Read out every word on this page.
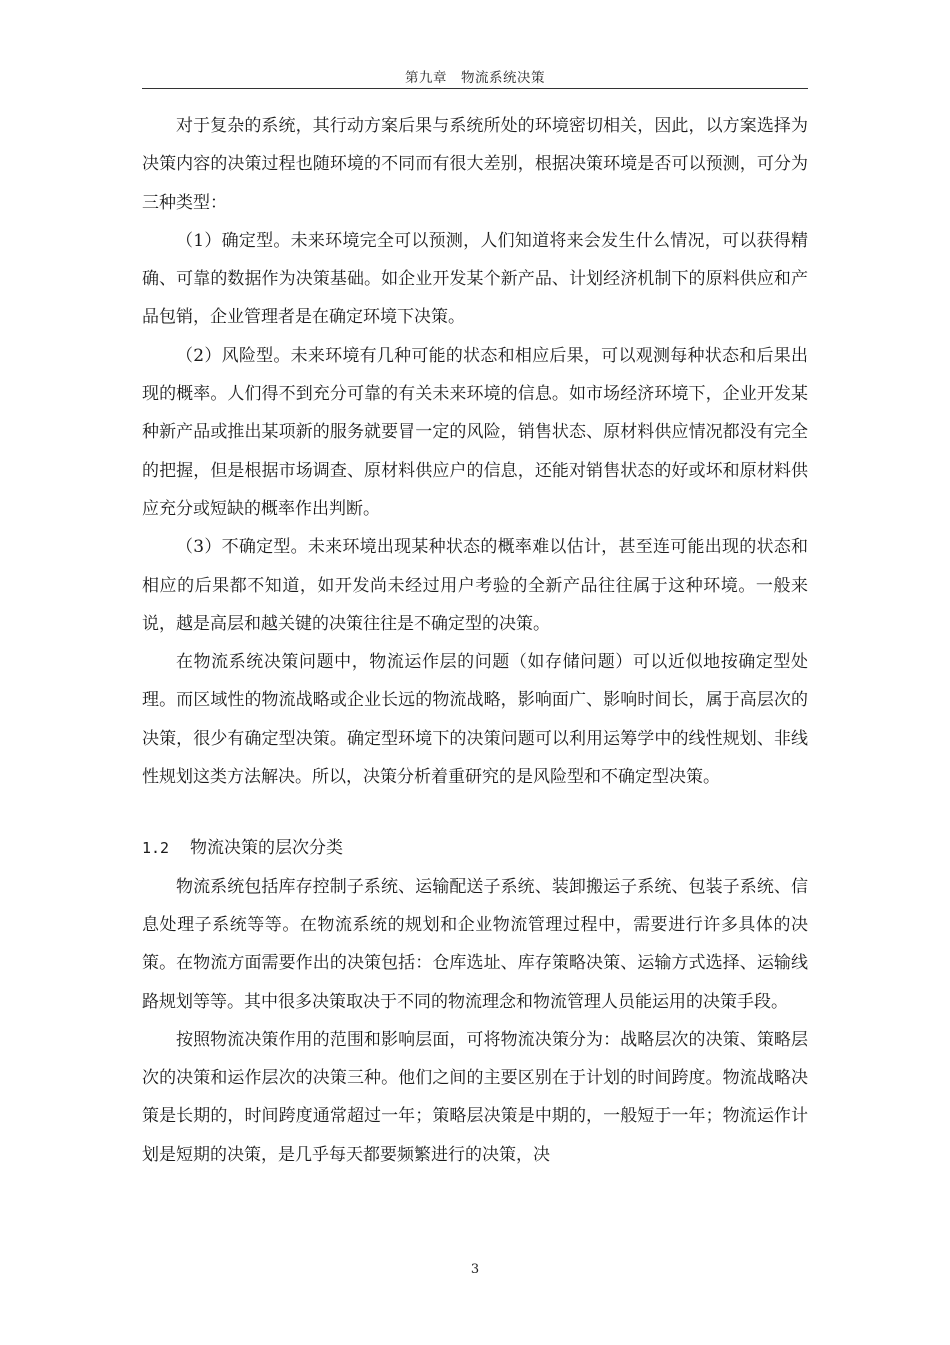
第九章　物流系统决策

对于复杂的系统，其行动方案后果与系统所处的环境密切相关，因此，以方案选择为决策内容的决策过程也随环境的不同而有很大差别，根据决策环境是否可以预测，可分为三种类型：

（1）确定型。未来环境完全可以预测，人们知道将来会发生什么情况，可以获得精确、可靠的数据作为决策基础。如企业开发某个新产品、计划经济机制下的原料供应和产品包销，企业管理者是在确定环境下决策。

（2）风险型。未来环境有几种可能的状态和相应后果，可以观测每种状态和后果出现的概率。人们得不到充分可靠的有关未来环境的信息。如市场经济环境下，企业开发某种新产品或推出某项新的服务就要冒一定的风险，销售状态、原材料供应情况都没有完全的把握，但是根据市场调查、原材料供应户的信息，还能对销售状态的好或坏和原材料供应充分或短缺的概率作出判断。

（3）不确定型。未来环境出现某种状态的概率难以估计，甚至连可能出现的状态和相应的后果都不知道，如开发尚未经过用户考验的全新产品往往属于这种环境。一般来说，越是高层和越关键的决策往往是不确定型的决策。

在物流系统决策问题中，物流运作层的问题（如存储问题）可以近似地按确定型处理。而区域性的物流战略或企业长远的物流战略，影响面广、影响时间长，属于高层次的决策，很少有确定型决策。确定型环境下的决策问题可以利用运筹学中的线性规划、非线性规划这类方法解决。所以，决策分析着重研究的是风险型和不确定型决策。

1.2 物流决策的层次分类

物流系统包括库存控制子系统、运输配送子系统、装卸搬运子系统、包装子系统、信息处理子系统等等。在物流系统的规划和企业物流管理过程中，需要进行许多具体的决策。在物流方面需要作出的决策包括：仓库选址、库存策略决策、运输方式选择、运输线路规划等等。其中很多决策取决于不同的物流理念和物流管理人员能运用的决策手段。

按照物流决策作用的范围和影响层面，可将物流决策分为：战略层次的决策、策略层次的决策和运作层次的决策三种。他们之间的主要区别在于计划的时间跨度。物流战略决策是长期的，时间跨度通常超过一年；策略层决策是中期的，一般短于一年；物流运作计划是短期的决策，是几乎每天都要频繁进行的决策，决

3
